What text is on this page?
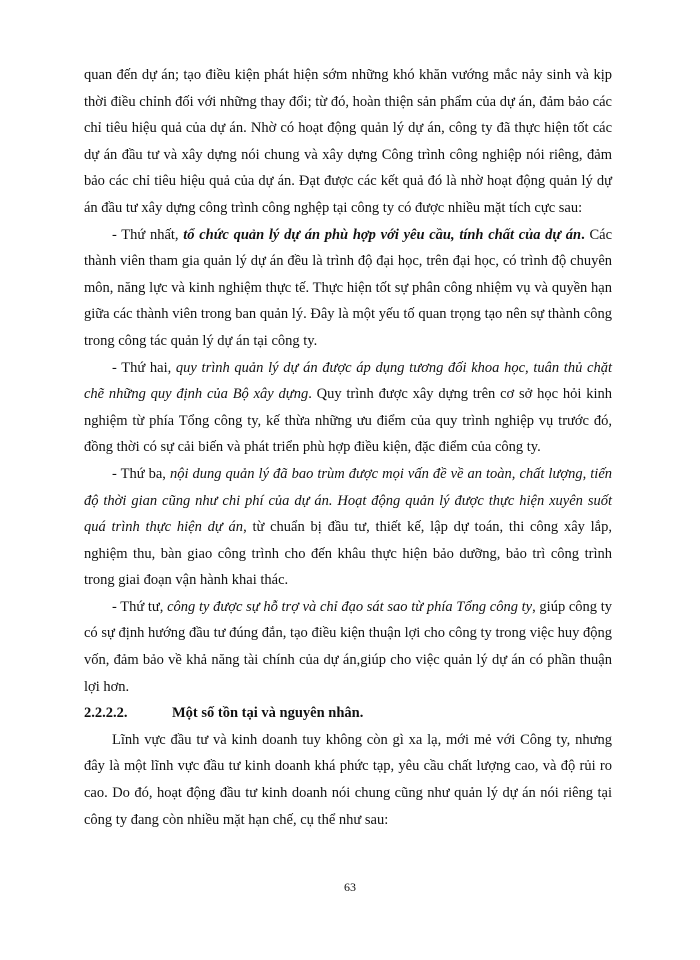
quan đến dự án; tạo điều kiện phát hiện sớm những khó khăn vướng mắc nảy sinh và kịp thời điều chỉnh đối với những thay đổi; từ đó, hoàn thiện sản phẩm của dự án, đảm bảo các chỉ tiêu hiệu quả của dự án. Nhờ có hoạt động quản lý dự án, công ty đã thực hiện tốt các dự án đầu tư và xây dựng nói chung và xây dựng Công trình công nghiệp nói riêng, đảm bảo các chỉ tiêu hiệu quả của dự án. Đạt được các kết quả đó là nhờ hoạt động quản lý dự án đầu tư xây dựng công trình công nghệp tại công ty có được nhiều mặt tích cực sau:

- Thứ nhất, tổ chức quản lý dự án phù hợp với yêu cầu, tính chất của dự án. Các thành viên tham gia quản lý dự án đều là trình độ đại học, trên đại học, có trình độ chuyên môn, năng lực và kinh nghiệm thực tế. Thực hiện tốt sự phân công nhiệm vụ và quyền hạn giữa các thành viên trong ban quản lý. Đây là một yếu tố quan trọng tạo nên sự thành công trong công tác quản lý dự án tại công ty.

- Thứ hai, quy trình quản lý dự án được áp dụng tương đối khoa học, tuân thủ chặt chẽ những quy định của Bộ xây dựng. Quy trình được xây dựng trên cơ sở học hỏi kinh nghiệm từ phía Tổng công ty, kế thừa những ưu điểm của quy trình nghiệp vụ trước đó, đồng thời có sự cải biến và phát triển phù hợp điều kiện, đặc điểm của công ty.

- Thứ ba, nội dung quản lý đã bao trùm được mọi vấn đề về an toàn, chất lượng, tiến độ thời gian cũng như chi phí của dự án. Hoạt động quản lý được thực hiện xuyên suốt quá trình thực hiện dự án, từ chuẩn bị đầu tư, thiết kế, lập dự toán, thi công xây lắp, nghiệm thu, bàn giao công trình cho đến khâu thực hiện bảo dưỡng, bảo trì công trình trong giai đoạn vận hành khai thác.

- Thứ tư, công ty được sự hỗ trợ và chỉ đạo sát sao từ phía Tổng công ty, giúp công ty có sự định hướng đầu tư đúng đắn, tạo điều kiện thuận lợi cho công ty trong việc huy động vốn, đảm bảo về khả năng tài chính của dự án,giúp cho việc quản lý dự án có phần thuận lợi hơn.

2.2.2.2.	Một số tồn tại và nguyên nhân.

Lĩnh vực đầu tư và kinh doanh tuy không còn gì xa lạ, mới mẻ với Công ty, nhưng đây là một lĩnh vực đầu tư kinh doanh khá phức tạp, yêu cầu chất lượng cao, và độ rủi ro cao. Do đó, hoạt động đầu tư kinh doanh nói chung cũng như quản lý dự án nói riêng tại công ty đang còn nhiều mặt hạn chế, cụ thể như sau:

63
